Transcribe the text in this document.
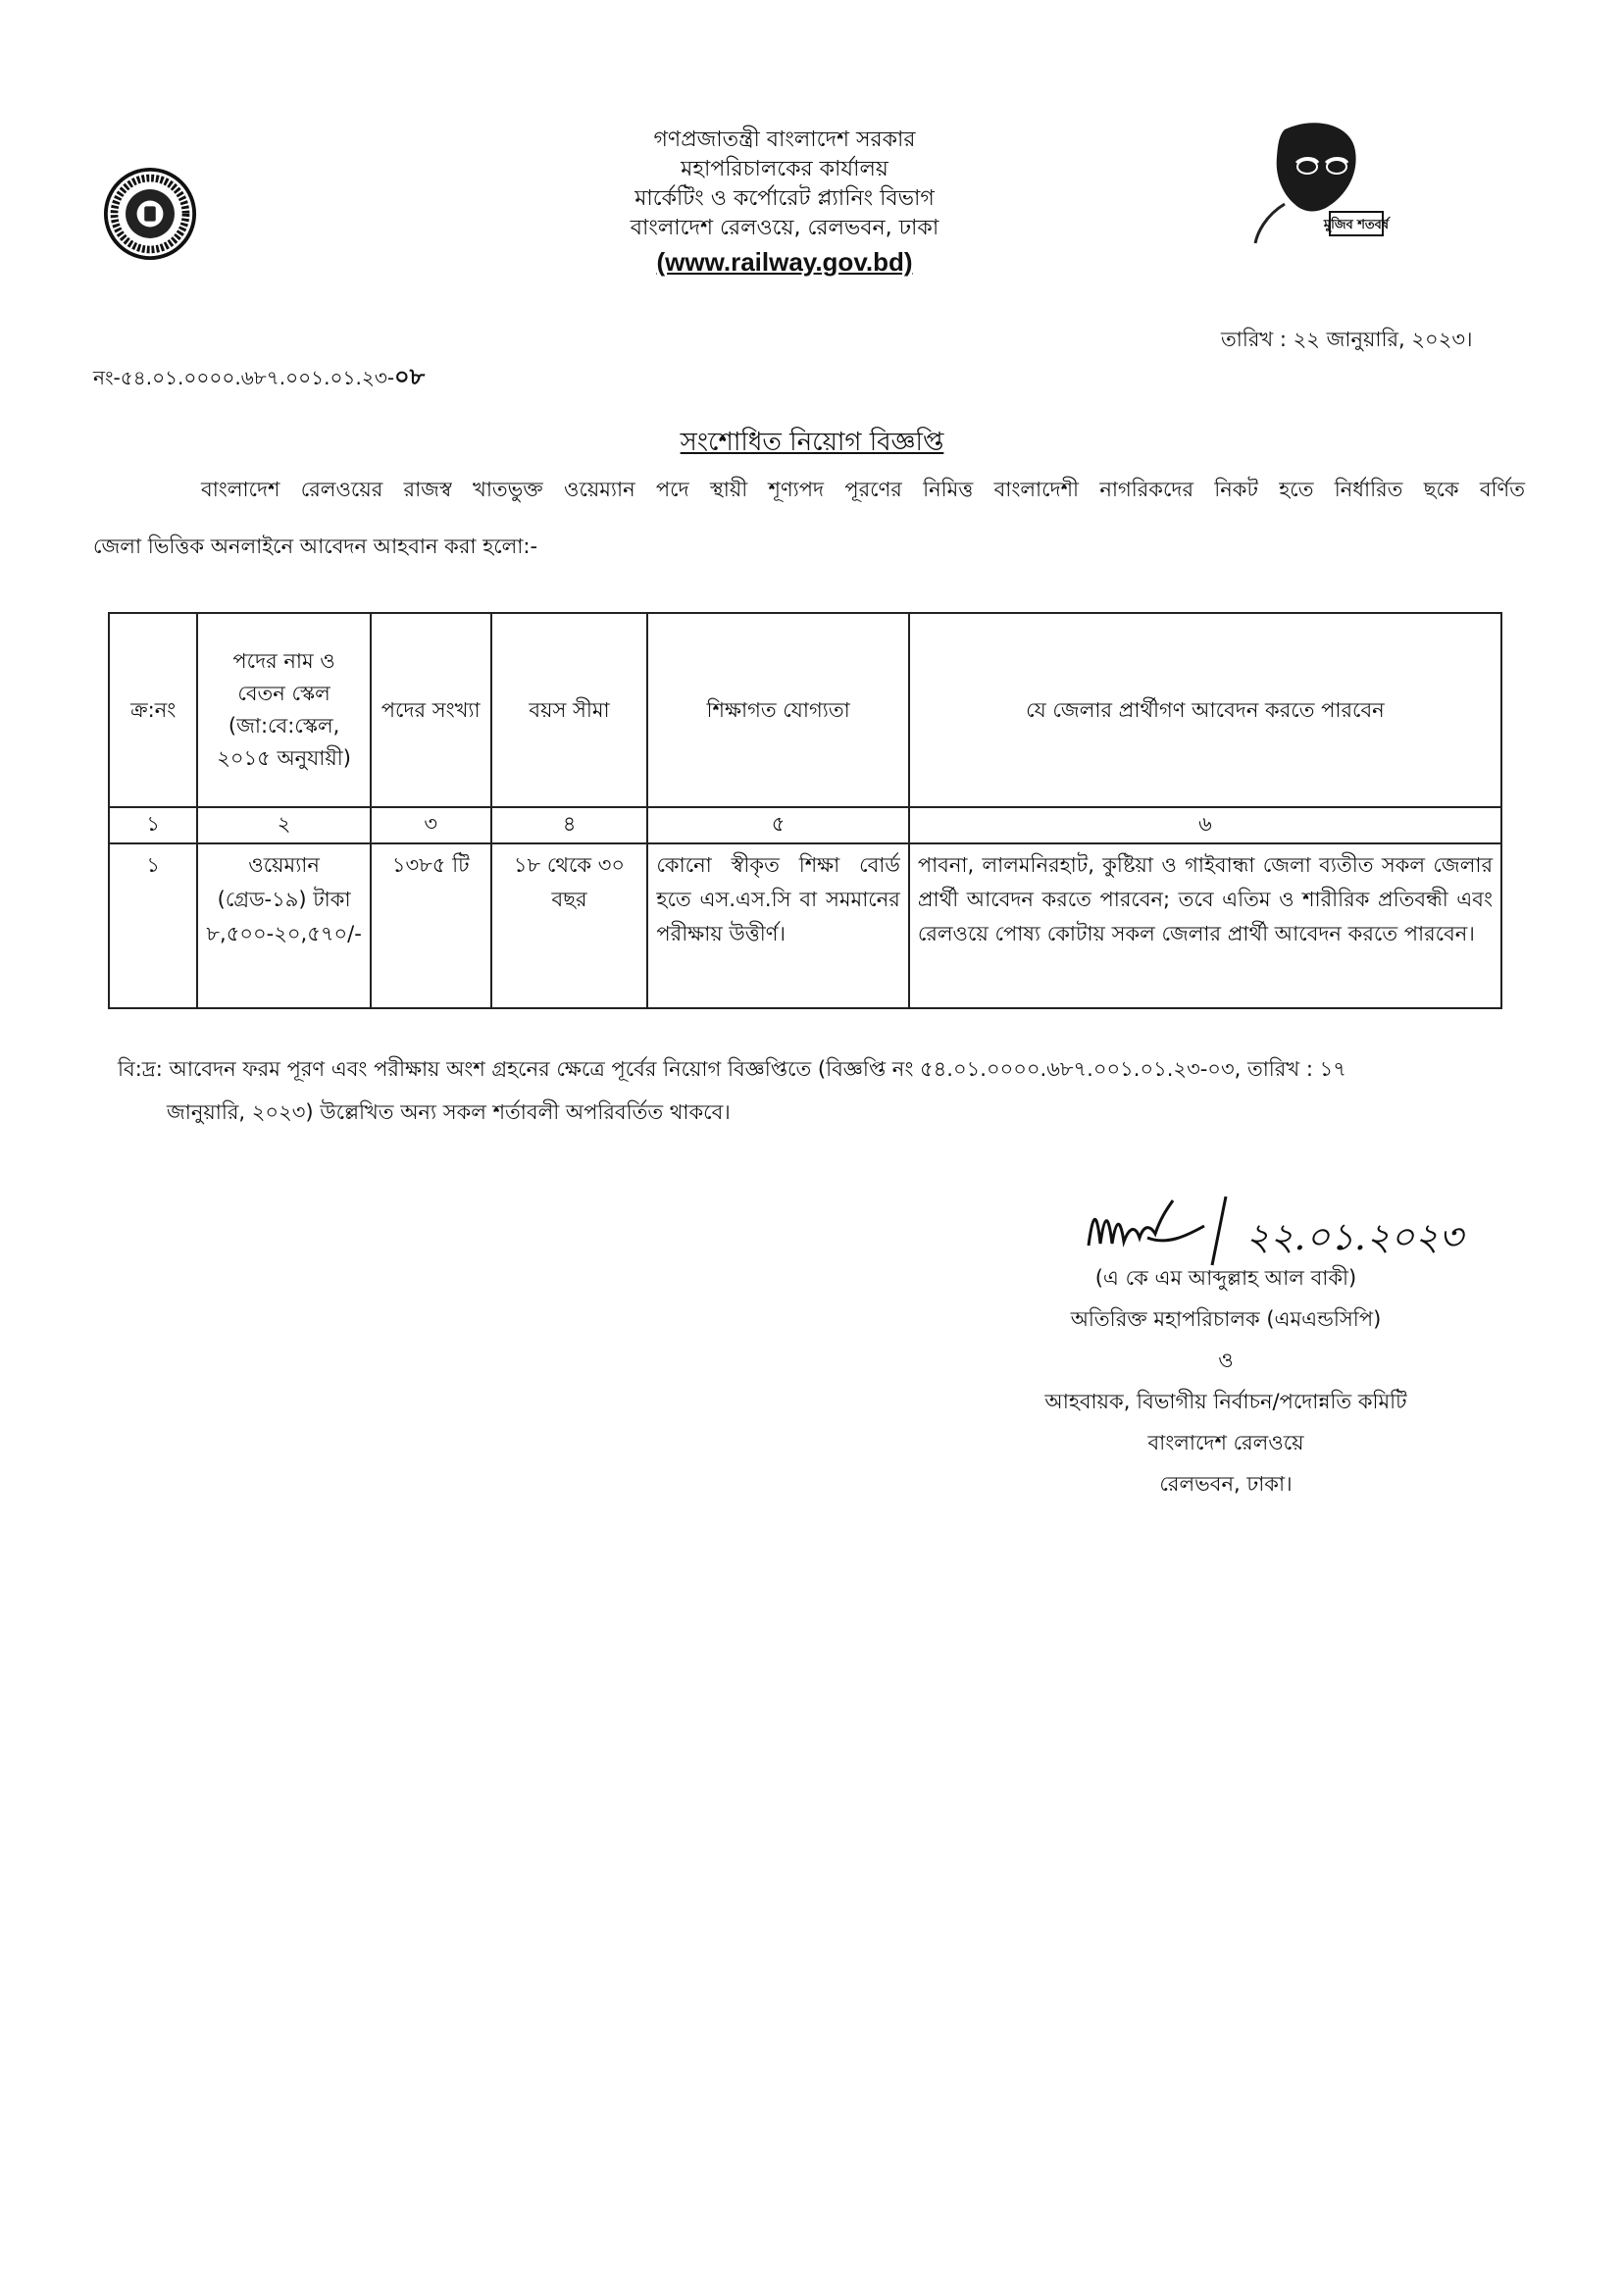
গণপ্রজাতন্ত্রী বাংলাদেশ সরকার
মহাপরিচালকের কার্যালয়
মার্কেটিং ও কর্পোরেট প্ল্যানিং বিভাগ
বাংলাদেশ রেলওয়ে, রেলভবন, ঢাকা
(www.railway.gov.bd)
মুজিব শতবর্ষ
নং-৫৪.০১.০০০০.৬৮৭.০০১.০১.২৩-০৮
তারিখ : ২২ জানুয়ারি, ২০২৩।
সংশোধিত নিয়োগ বিজ্ঞপ্তি
বাংলাদেশ রেলওয়ের রাজস্ব খাতভুক্ত ওয়েম্যান পদে স্থায়ী শূণ্যপদ পূরণের নিমিত্ত বাংলাদেশী নাগরিকদের নিকট হতে নির্ধারিত ছকে বর্ণিত
জেলা ভিত্তিক অনলাইনে আবেদন আহবান করা হলো:-
ক্র:নং	পদের নাম ও বেতন স্কেল (জা:বে:স্কেল, ২০১৫ অনুযায়ী)	পদের সংখ্যা	বয়স সীমা	শিক্ষাগত যোগ্যতা	যে জেলার প্রার্থীগণ আবেদন করতে পারবেন
১	২	৩	৪	৫	৬
১	ওয়েম্যান (গ্রেড-১৯) টাকা ৮,৫০০-২০,৫৭০/-	১৩৮৫ টি	১৮ থেকে ৩০ বছর	কোনো স্বীকৃত শিক্ষা বোর্ড হতে এস.এস.সি বা সমমানের পরীক্ষায় উত্তীর্ণ।	পাবনা, লালমনিরহাট, কুষ্টিয়া ও গাইবান্ধা জেলা ব্যতীত সকল জেলার প্রার্থী আবেদন করতে পারবেন; তবে এতিম ও শারীরিক প্রতিবন্ধী এবং রেলওয়ে পোষ্য কোটায় সকল জেলার প্রার্থী আবেদন করতে পারবেন।
বি:দ্র: আবেদন ফরম পূরণ এবং পরীক্ষায় অংশ গ্রহনের ক্ষেত্রে পূর্বের নিয়োগ বিজ্ঞপ্তিতে (বিজ্ঞপ্তি নং ৫৪.০১.০০০০.৬৮৭.০০১.০১.২৩-০৩, তারিখ : ১৭
জানুয়ারি, ২০২৩) উল্লেখিত অন্য সকল শর্তাবলী অপরিবর্তিত থাকবে।
২২.০১.২০২৩
(এ কে এম আব্দুল্লাহ আল বাকী)
অতিরিক্ত মহাপরিচালক (এমএন্ডসিপি)
ও
আহবায়ক, বিভাগীয় নির্বাচন/পদোন্নতি কমিটি
বাংলাদেশ রেলওয়ে
রেলভবন, ঢাকা।
